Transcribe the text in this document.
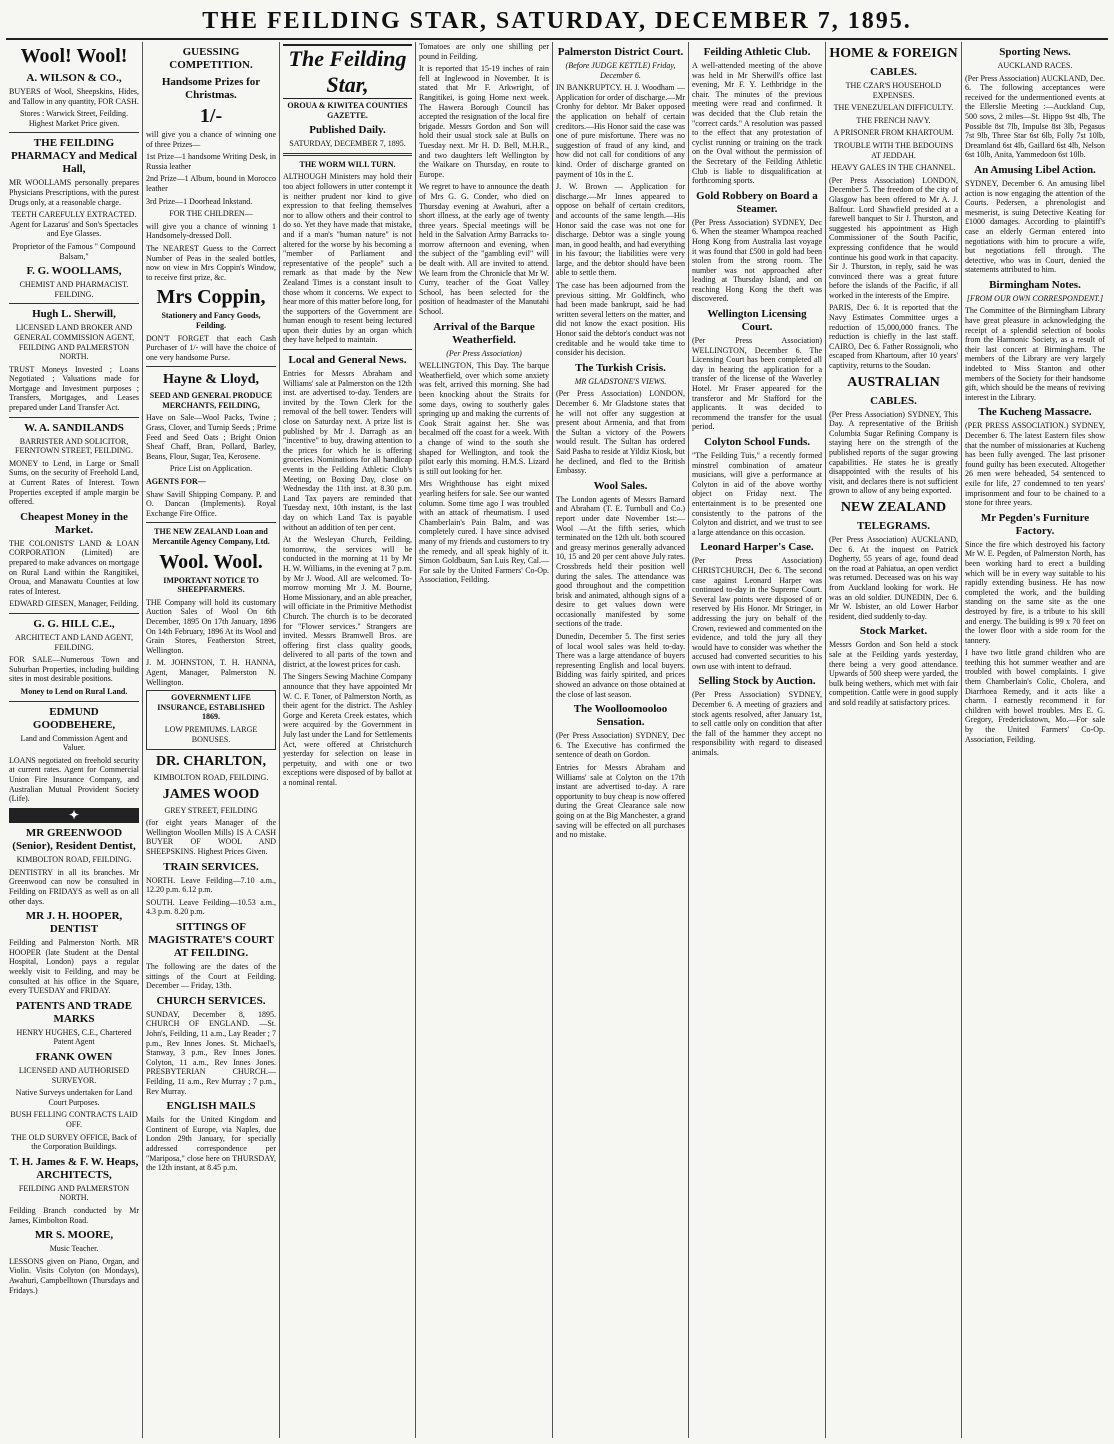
THE FEILDING STAR, SATURDAY, DECEMBER 7, 1895.
Wool! Wool!
A. WILSON & CO.,

BUYERS of Wool, Sheepskins, Hides, and Tallow in any quantity, FOR CASH.

Stores : Warwick Street, Feilding. Highest Market Price given.

THE FEILDING PHARMACY and Medical Hall,

MR WOOLLAMS personally prepares Physicians Prescriptions, with the purest Drugs only, at a reasonable charge.

TEETH CAREFULLY EXTRACTED. Agent for Lazarus' and Son's Spectacles and Eye Glasses.

Proprietor of the Famous " Compound Balsam,"

F. G. WOOLLAMS,

CHEMIST AND PHARMACIST. FEILDING.

Hugh L. Sherwill,

LICENSED LAND BROKER AND GENERAL COMMISSION AGENT, FEILDING AND PALMERSTON NORTH.

TRUST Moneys Invested ; Loans Negotiated ; Valuations made for Mortgage and Investment purposes ; Transfers, Mortgages, and Leases prepared under Land Transfer Act.

W. A. SANDILANDS

BARRISTER AND SOLICITOR, FERNTOWN STREET, FEILDING.

MONEY to Lend, in Large or Small Sums, on the security of Freehold Land, at Current Rates of Interest. Town Properties excepted if ample margin be offered.

Cheapest Money in the Market.

THE COLONISTS' LAND & LOAN CORPORATION (Limited) are prepared to make advances on mortgage on Rural Land within the Rangitikei, Oroua, and Manawatu Counties at low rates of Interest.

EDWARD GIESEN, Manager, Feilding.

G. G. HILL C.E.,

ARCHITECT AND LAND AGENT, FEILDING.

FOR SALE—Numerous Town and Suburban Properties, including building sites in most desirable positions.

Money to Lend on Rural Land.

EDMUND GOODBEHERE,

Land and Commission Agent and Valuer.

LOANS negotiated on freehold security at current rates. Agent for Commercial Union Fire Insurance Company, and Australian Mutual Provident Society (Life).

✦
MR GREENWOOD (Senior), Resident Dentist,

KIMBOLTON ROAD, FEILDING.

DENTISTRY in all its branches. Mr Greenwood can now be consulted in Feilding on FRIDAYS as well as on all other days.

MR J. H. HOOPER, DENTIST

Feilding and Palmerston North. MR HOOPER (late Student at the Dental Hospital, London) pays a regular weekly visit to Feilding, and may be consulted at his office in the Square, every TUESDAY and FRIDAY.

PATENTS AND TRADE MARKS

HENRY HUGHES, C.E., Chartered Patent Agent

FRANK OWEN

LICENSED AND AUTHORISED SURVEYOR.

Native Surveys undertaken for Land Court Purposes.

BUSH FELLING CONTRACTS LAID OFF.

THE OLD SURVEY OFFICE, Back of the Corporation Buildings.

T. H. James & F. W. Heaps, ARCHITECTS,

FEILDING AND PALMERSTON NORTH.

Feilding Branch conducted by Mr James, Kimbolton Road.

MR S. MOORE,

Music Teacher.

LESSONS given on Piano, Organ, and Violin. Visits Colyton (on Mondays), Awahuri, Campbelltown (Thursdays and Fridays.)

GUESSING COMPETITION.
Handsome Prizes for Christmas.
1/-

will give you a chance of winning one of three Prizes—

1st Prize—1 handsome Writing Desk, in Russia leather

2nd Prize—1 Album, bound in Morocco leather

3rd Prize—1 Doorhead Inkstand.

FOR THE CHILDREN—

will give you a chance of winning 1 Handsomely-dressed Doll.

The NEAREST Guess to the Correct Number of Peas in the sealed bottles, now on view in Mrs Coppin's Window, to receive first prize, &c.

Mrs Coppin,

Stationery and Fancy Goods, Feilding.

DON'T FORGET that each Cash Purchaser of 1/- will have the choice of one very handsome Purse.

Hayne & Lloyd,

SEED AND GENERAL PRODUCE MERCHANTS, FEILDING,

Have on Sale—Wool Packs, Twine ; Grass, Clover, and Turnip Seeds ; Prime Feed and Seed Oats ; Bright Onion Sheaf Chaff, Bran, Pollard, Barley, Beans, Flour, Sugar, Tea, Kerosene.

Price List on Application.

AGENTS FOR—

Shaw Savill Shipping Company. P. and O. Dancan (Implements). Royal Exchange Fire Office.

THE NEW ZEALAND Loan and Mercantile Agency Company, Ltd.

Wool. Wool.

IMPORTANT NOTICE TO SHEEPFARMERS.

THE Company will hold its customary Auction Sales of Wool On 6th December, 1895 On 17th January, 1896 On 14th February, 1896 At its Wool and Grain Stores, Featherston Street, Wellington.

J. M. JOHNSTON, T. H. HANNA, Agent, Manager, Palmerston N. Wellington.

GOVERNMENT LIFE INSURANCE, ESTABLISHED 1869.

LOW PREMIUMS. LARGE BONUSES.

DR. CHARLTON,

KIMBOLTON ROAD, FEILDING.

JAMES WOOD

GREY STREET, FEILDING

(for eight years Manager of the Wellington Woollen Mills) IS A CASH BUYER OF WOOL AND SHEEPSKINS. Highest Prices Given.

TRAIN SERVICES.

NORTH. Leave Feilding—7.10 a.m., 12.20 p.m. 6.12 p.m.

SOUTH. Leave Feilding—10.53 a.m., 4.3 p.m. 8.20 p.m.

SITTINGS OF MAGISTRATE'S COURT AT FEILDING.

The following are the dates of the sittings of the Court at Feilding. December — Friday, 13th.

CHURCH SERVICES.

SUNDAY, December 8, 1895. CHURCH OF ENGLAND. —St. John's, Feilding, 11 a.m., Lay Reader ; 7 p.m., Rev Innes Jones. St. Michael's, Stanway, 3 p.m., Rev Innes Jones. Colyton, 11 a.m., Rev Innes Jones. PRESBYTERIAN CHURCH.—Feilding, 11 a.m., Rev Murray ; 7 p.m., Rev Murray.

ENGLISH MAILS

Mails for the United Kingdom and Continent of Europe, via Naples, due London 29th January, for specially addressed correspondence per "Mariposa," close here on THURSDAY, the 12th instant, at 8.45 p.m.

The Feilding Star,

OROUA & KIWITEA COUNTIES GAZETTE.

Published Daily.

SATURDAY, DECEMBER 7, 1895.

THE WORM WILL TURN.

ALTHOUGH Ministers may hold their too abject followers in utter contempt it is neither prudent nor kind to give expression to that feeling themselves nor to allow others and their control to do so. Yet they have made that mistake, and if a man's "human nature" is not altered for the worse by his becoming a "member of Parliament and representative of the people" such a remark as that made by the New Zealand Times is a constant insult to those whom it concerns. We expect to hear more of this matter before long, for the supporters of the Government are human enough to resent being lectured upon their duties by an organ which they have helped to maintain.

Local and General News.

Entries for Messrs Abraham and Williams' sale at Palmerston on the 12th inst. are advertised to-day. Tenders are invited by the Town Clerk for the removal of the bell tower. Tenders will close on Saturday next. A prize list is published by Mr J. Darragh as an "incentive" to buy, drawing attention to the prices for which he is offering groceries. Nominations for all handicap events in the Feilding Athletic Club's Meeting, on Boxing Day, close on Wednesday the 11th inst. at 8.30 p.m. Land Tax payers are reminded that Tuesday next, 10th instant, is the last day on which Land Tax is payable without an addition of ten per cent.

At the Wesleyan Church, Feilding, tomorrow, the services will be conducted in the morning at 11 by Mr H. W. Williams, in the evening at 7 p.m. by Mr J. Wood. All are welcomed. To-morrow morning Mr J. M. Bourne, Home Missionary, and an able preacher, will officiate in the Primitive Methodist Church. The church is to be decorated for "Flower services." Strangers are invited. Messrs Bramwell Bros. are offering first class quality goods, delivered to all parts of the town and district, at the lowest prices for cash.

The Singers Sewing Machine Company announce that they have appointed Mr W. C. F. Toner, of Palmerston North, as their agent for the district. The Ashley Gorge and Kereta Creek estates, which were acquired by the Government in July last under the Land for Settlements Act, were offered at Christchurch yesterday for selection on lease in perpetuity, and with one or two exceptions were disposed of by ballot at a nominal rental.

Tomatoes are only one shilling per pound in Feilding.

It is reported that 15-19 inches of rain fell at Inglewood in November. It is stated that Mr F. Arkwright, of Rangitikei, is going Home next week. The Hawera Borough Council has accepted the resignation of the local fire brigade. Messrs Gordon and Son will hold their usual stock sale at Bulls on Tuesday next. Mr H. D. Bell, M.H.R., and two daughters left Wellington by the Waikare on Thursday, en route to Europe.

We regret to have to announce the death of Mrs G. G. Conder, who died on Thursday evening at Awahuri, after a short illness, at the early age of twenty three years. Special meetings will be held in the Salvation Army Barracks to-morrow afternoon and evening, when the subject of the "gambling evil" will be dealt with. All are invited to attend. We learn from the Chronicle that Mr W. Curry, teacher of the Goat Valley School, has been selected for the position of headmaster of the Manutahi School.

Arrival of the Barque Weatherfield.

(Per Press Association)

WELLINGTON, This Day. The barque Weatherfield, over which some anxiety was felt, arrived this morning. She had been knocking about the Straits for some days, owing to southerly gales springing up and making the currents of Cook Strait against her. She was becalmed off the coast for a week. With a change of wind to the south she shaped for Wellington, and took the pilot early this morning. H.M.S. Lizard is still out looking for her.

Mrs Wrighthouse has eight mixed yearling heifers for sale. See our wanted column. Some time ago I was troubled with an attack of rheumatism. I used Chamberlain's Pain Balm, and was completely cured. I have since advised many of my friends and customers to try the remedy, and all speak highly of it. Simon Goldbaum, San Luis Rey, Cal.—For sale by the United Farmers' Co-Op. Association, Feilding.

Palmerston District Court.

(Before JUDGE KETTLE) Friday, December 6.

IN BANKRUPTCY. H. J. Woodham — Application for order of discharge.—Mr Cronhy for debtor. Mr Baker opposed the application on behalf of certain creditors.—His Honor said the case was one of pure misfortune. There was no suggestion of fraud of any kind, and how did not call for conditions of any kind. Order of discharge granted on payment of 10s in the £.

J. W. Brown — Application for discharge.—Mr Innes appeared to oppose on behalf of certain creditors, and accounts of the same length.—His Honor said the case was not one for discharge. Debtor was a single young man, in good health, and had everything in his favour; the liabilities were very large, and the debtor should have been able to settle them.

The case has been adjourned from the previous sitting. Mr Goldfinch, who had been made bankrupt, said he had written several letters on the matter, and did not know the exact position. His Honor said the debtor's conduct was not creditable and he would take time to consider his decision.

The Turkish Crisis.

MR GLADSTONE'S VIEWS.

(Per Press Association) LONDON, December 6. Mr Gladstone states that he will not offer any suggestion at present about Armenia, and that from the Sultan a victory of the Powers would result. The Sultan has ordered Said Pasha to reside at Yildiz Kiosk, but he declined, and fled to the British Embassy.

Wool Sales.

The London agents of Messrs Barnard and Abraham (T. E. Turnbull and Co.) report under date November 1st:—Wool —At the fifth series, which terminated on the 12th ult. both scoured and greasy merinos generally advanced 10, 15 and 20 per cent above July rates. Crossbreds held their position well during the sales. The attendance was good throughout and the competition brisk and animated, although signs of a desire to get values down were occasionally manifested by some sections of the trade.

Dunedin, December 5. The first series of local wool sales was held to-day. There was a large attendance of buyers representing English and local buyers. Bidding was fairly spirited, and prices showed an advance on those obtained at the close of last season.

The Woolloomooloo Sensation.

(Per Press Association) SYDNEY, Dec 6. The Executive has confirmed the sentence of death on Gordon.

Entries for Messrs Abraham and Williams' sale at Colyton on the 17th instant are advertised to-day. A rare opportunity to buy cheap is now offered during the Great Clearance sale now going on at the Big Manchester, a grand saving will be effected on all purchases and no mistake.

Feilding Athletic Club.

A well-attended meeting of the above was held in Mr Sherwill's office last evening, Mr F. Y. Lethbridge in the chair. The minutes of the previous meeting were read and confirmed. It was decided that the Club retain the "correct cards." A resolution was passed to the effect that any protestation of cyclist running or training on the track on the Oval without the permission of the Secretary of the Feilding Athletic Club is liable to disqualification at forthcoming sports.

Gold Robbery on Board a Steamer.

(Per Press Association) SYDNEY, Dec 6. When the steamer Whampoa reached Hong Kong from Australia last voyage it was found that £500 in gold had been stolen from the strong room. The number was not approached after leading at Thursday Island, and on reaching Hong Kong the theft was discovered.

Wellington Licensing Court.

(Per Press Association) WELLINGTON, December 6. The Licensing Court has been completed all day in hearing the application for a transfer of the license of the Waverley Hotel. Mr Fraser appeared for the transferor and Mr Stafford for the applicants. It was decided to recommend the transfer for the usual period.

Colyton School Funds.

"The Feilding Tuis," a recently formed minstrel combination of amateur musicians, will give a performance at Colyton in aid of the above worthy object on Friday next. The entertainment is to be presented one consistently to the patrons of the Colyton and district, and we trust to see a large attendance on this occasion.

Leonard Harper's Case.

(Per Press Association) CHRISTCHURCH, Dec 6. The second case against Leonard Harper was continued to-day in the Supreme Court. Several law points were disposed of or reserved by His Honor. Mr Stringer, in addressing the jury on behalf of the Crown, reviewed and commented on the evidence, and told the jury all they would have to consider was whether the accused had converted securities to his own use with intent to defraud.

Selling Stock by Auction.

(Per Press Association) SYDNEY, December 6. A meeting of graziers and stock agents resolved, after January 1st, to sell cattle only on condition that after the fall of the hammer they accept no responsibility with regard to diseased animals.

HOME & FOREIGN
CABLES.

THE CZAR'S HOUSEHOLD EXPENSES.

THE VENEZUELAN DIFFICULTY.

THE FRENCH NAVY.

A PRISONER FROM KHARTOUM.

TROUBLE WITH THE BEDOUINS AT JEDDAH.

HEAVY GALES IN THE CHANNEL.

(Per Press Association) LONDON, December 5. The freedom of the city of Glasgow has been offered to Mr A. J. Balfour. Lord Shawfield presided at a farewell banquet to Sir J. Thurston, and suggested his appointment as High Commissioner of the South Pacific, expressing confidence that he would continue his good work in that capacity. Sir J. Thurston, in reply, said he was convinced there was a great future before the islands of the Pacific, if all worked in the interests of the Empire.

PARIS, Dec 6. It is reported that the Navy Estimates Committee urges a reduction of 15,000,000 francs. The reduction is chiefly in the last staff. CAIRO, Dec 6. Father Rossignoli, who escaped from Khartoum, after 10 years' captivity, returns to the Soudan.

AUSTRALIAN
CABLES.

(Per Press Association) SYDNEY, This Day. A representative of the British Columbia Sugar Refining Company is staying here on the strength of the published reports of the sugar growing capabilities. He states he is greatly disappointed with the results of his visit, and declares there is not sufficient grown to allow of any being exported.

NEW ZEALAND
TELEGRAMS.

(Per Press Association) AUCKLAND, Dec 6. At the inquest on Patrick Dogherty, 55 years of age, found dead on the road at Pahiatua, an open verdict was returned. Deceased was on his way from Auckland looking for work. He was an old soldier. DUNEDIN, Dec 6. Mr W. Isbister, an old Lower Harbor resident, died suddenly to-day.

Stock Market.

Messrs Gordon and Son held a stock sale at the Feilding yards yesterday, there being a very good attendance. Upwards of 500 sheep were yarded, the bulk being wethers, which met with fair competition. Cattle were in good supply and sold readily at satisfactory prices.

Sporting News.

AUCKLAND RACES.

(Per Press Association) AUCKLAND, Dec. 6. The following acceptances were received for the undermentioned events at the Ellerslie Meeting :—Auckland Cup, 500 sovs, 2 miles—St. Hippo 9st 4lb, The Possible 8st 7lb, Impulse 8st 3lb, Pegasus 7st 9lb, Three Star 6st 6lb, Folly 7st 10lb, Dreamland 6st 4lb, Gaillard 6st 4lb, Nelson 6st 10lb, Anita, Yammedoon 6st 10lb.

An Amusing Libel Action.

SYDNEY, December 6. An amusing libel action is now engaging the attention of the Courts. Pedersen, a phrenologist and mesmerist, is suing Detective Keating for £1000 damages. According to plaintiff's case an elderly German entered into negotiations with him to procure a wife, but negotiations fell through. The detective, who was in Court, denied the statements attributed to him.

Birmingham Notes.

[FROM OUR OWN CORRESPONDENT.]

The Committee of the Birmingham Library have great pleasure in acknowledging the receipt of a splendid selection of books from the Harmonic Society, as a result of their last concert at Birmingham. The members of the Library are very largely indebted to Miss Stanton and other members of the Society for their handsome gift, which should be the means of reviving interest in the Library.

The Kucheng Massacre.

(PER PRESS ASSOCIATION.) SYDNEY, December 6. The latest Eastern files show that the number of missionaries at Kucheng has been fully avenged. The last prisoner found guilty has been executed. Altogether 26 men were beheaded, 54 sentenced to exile for life, 27 condemned to ten years' imprisonment and four to be chained to a stone for three years.

Mr Pegden's Furniture Factory.

Since the fire which destroyed his factory Mr W. E. Pegden, of Palmerston North, has been working hard to erect a building which will be in every way suitable to his rapidly extending business. He has now completed the work, and the building standing on the same site as the one destroyed by fire, is a tribute to his skill and energy. The building is 99 x 70 feet on the lower floor with a side room for the tannery.

I have two little grand children who are teething this hot summer weather and are troubled with bowel complaints. I give them Chamberlain's Colic, Cholera, and Diarrhoea Remedy, and it acts like a charm. I earnestly recommend it for children with bowel troubles. Mrs E. G. Gregory, Frederickstown, Mo.—For sale by the United Farmers' Co-Op. Association, Feilding.
